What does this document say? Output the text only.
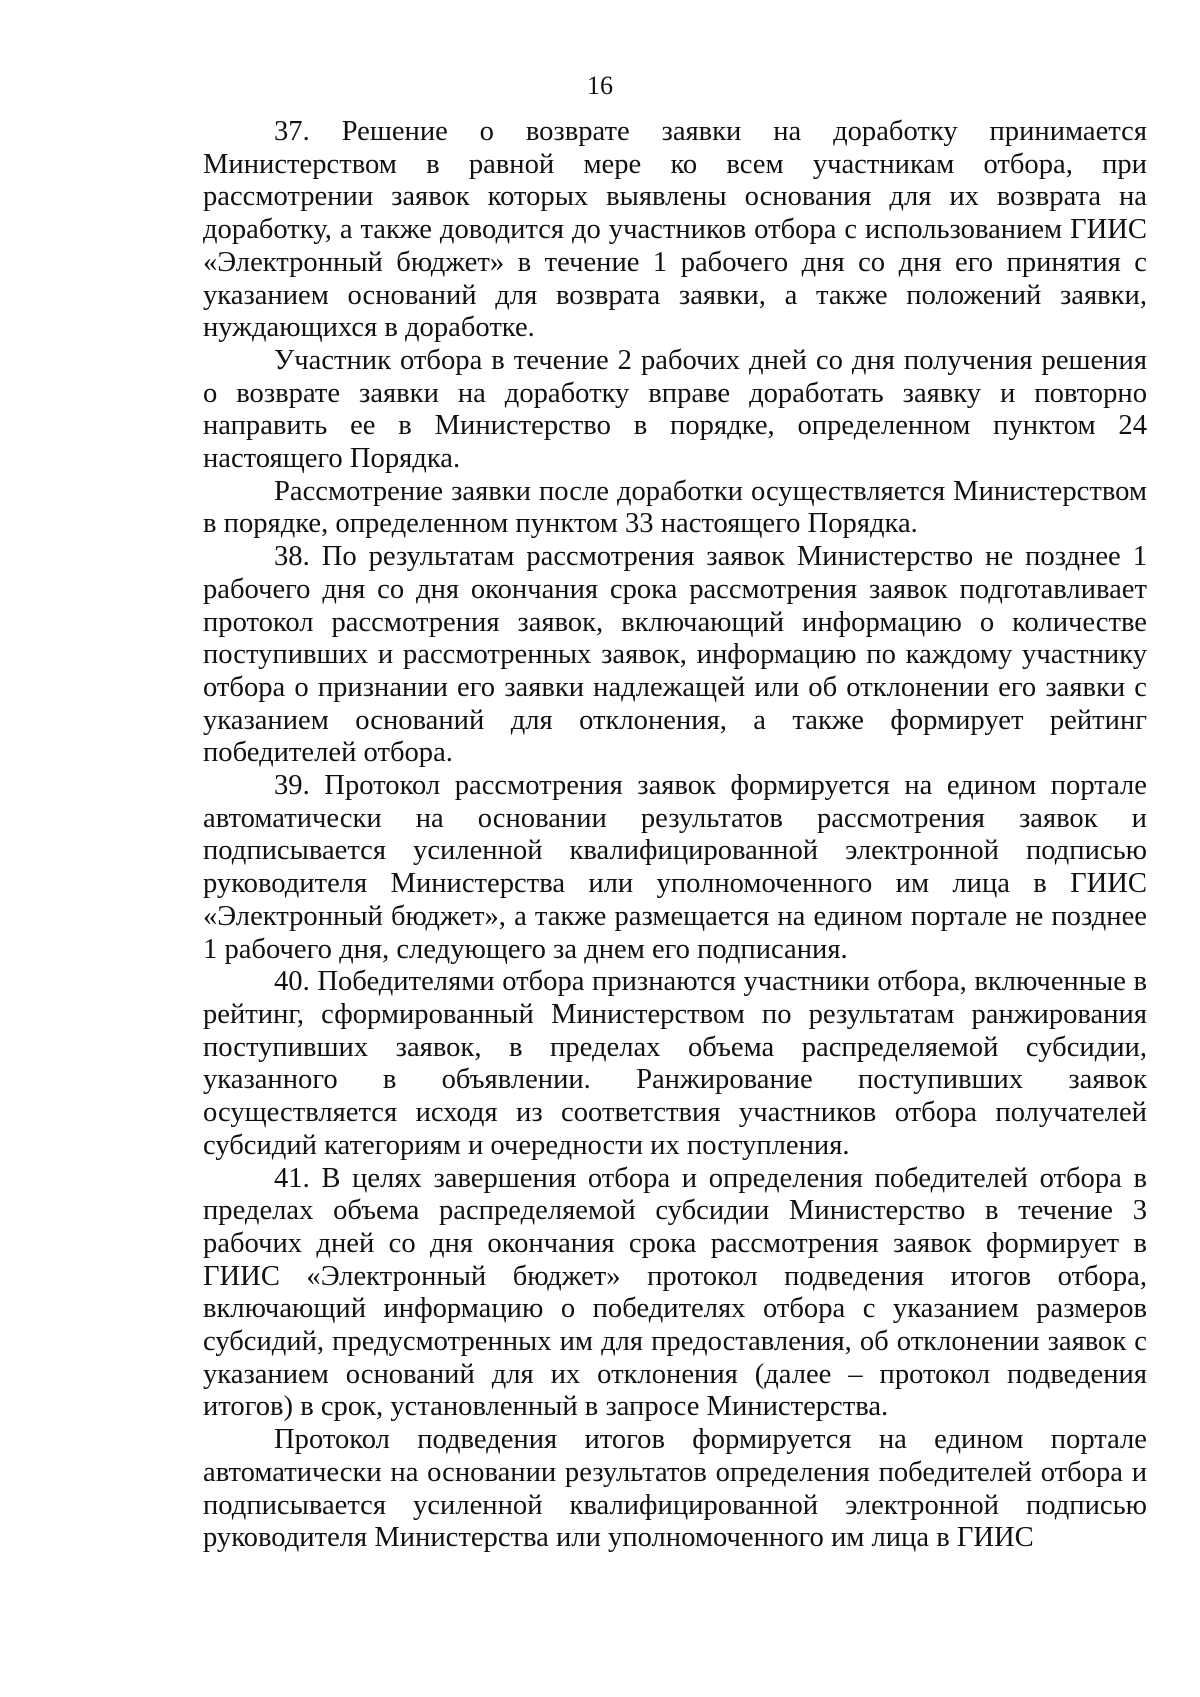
16

37. Решение о возврате заявки на доработку принимается Министерством в равной мере ко всем участникам отбора, при рассмотрении заявок которых выявлены основания для их возврата на доработку, а также доводится до участников отбора с использованием ГИИС «Электронный бюджет» в течение 1 рабочего дня со дня его принятия с указанием оснований для возврата заявки, а также положений заявки, нуждающихся в доработке.

Участник отбора в течение 2 рабочих дней со дня получения решения о возврате заявки на доработку вправе доработать заявку и повторно направить ее в Министерство в порядке, определенном пунктом 24 настоящего Порядка.

Рассмотрение заявки после доработки осуществляется Министерством в порядке, определенном пунктом 33 настоящего Порядка.

38. По результатам рассмотрения заявок Министерство не позднее 1 рабочего дня со дня окончания срока рассмотрения заявок подготавливает протокол рассмотрения заявок, включающий информацию о количестве поступивших и рассмотренных заявок, информацию по каждому участнику отбора о признании его заявки надлежащей или об отклонении его заявки с указанием оснований для отклонения, а также формирует рейтинг победителей отбора.

39. Протокол рассмотрения заявок формируется на едином портале автоматически на основании результатов рассмотрения заявок и подписывается усиленной квалифицированной электронной подписью руководителя Министерства или уполномоченного им лица в ГИИС «Электронный бюджет», а также размещается на едином портале не позднее 1 рабочего дня, следующего за днем его подписания.

40. Победителями отбора признаются участники отбора, включенные в рейтинг, сформированный Министерством по результатам ранжирования поступивших заявок, в пределах объема распределяемой субсидии, указанного в объявлении. Ранжирование поступивших заявок осуществляется исходя из соответствия участников отбора получателей субсидий категориям и очередности их поступления.

41. В целях завершения отбора и определения победителей отбора в пределах объема распределяемой субсидии Министерство в течение 3 рабочих дней со дня окончания срока рассмотрения заявок формирует в ГИИС «Электронный бюджет» протокол подведения итогов отбора, включающий информацию о победителях отбора с указанием размеров субсидий, предусмотренных им для предоставления, об отклонении заявок с указанием оснований для их отклонения (далее – протокол подведения итогов) в срок, установленный в запросе Министерства.

Протокол подведения итогов формируется на едином портале автоматически на основании результатов определения победителей отбора и подписывается усиленной квалифицированной электронной подписью руководителя Министерства или уполномоченного им лица в ГИИС
